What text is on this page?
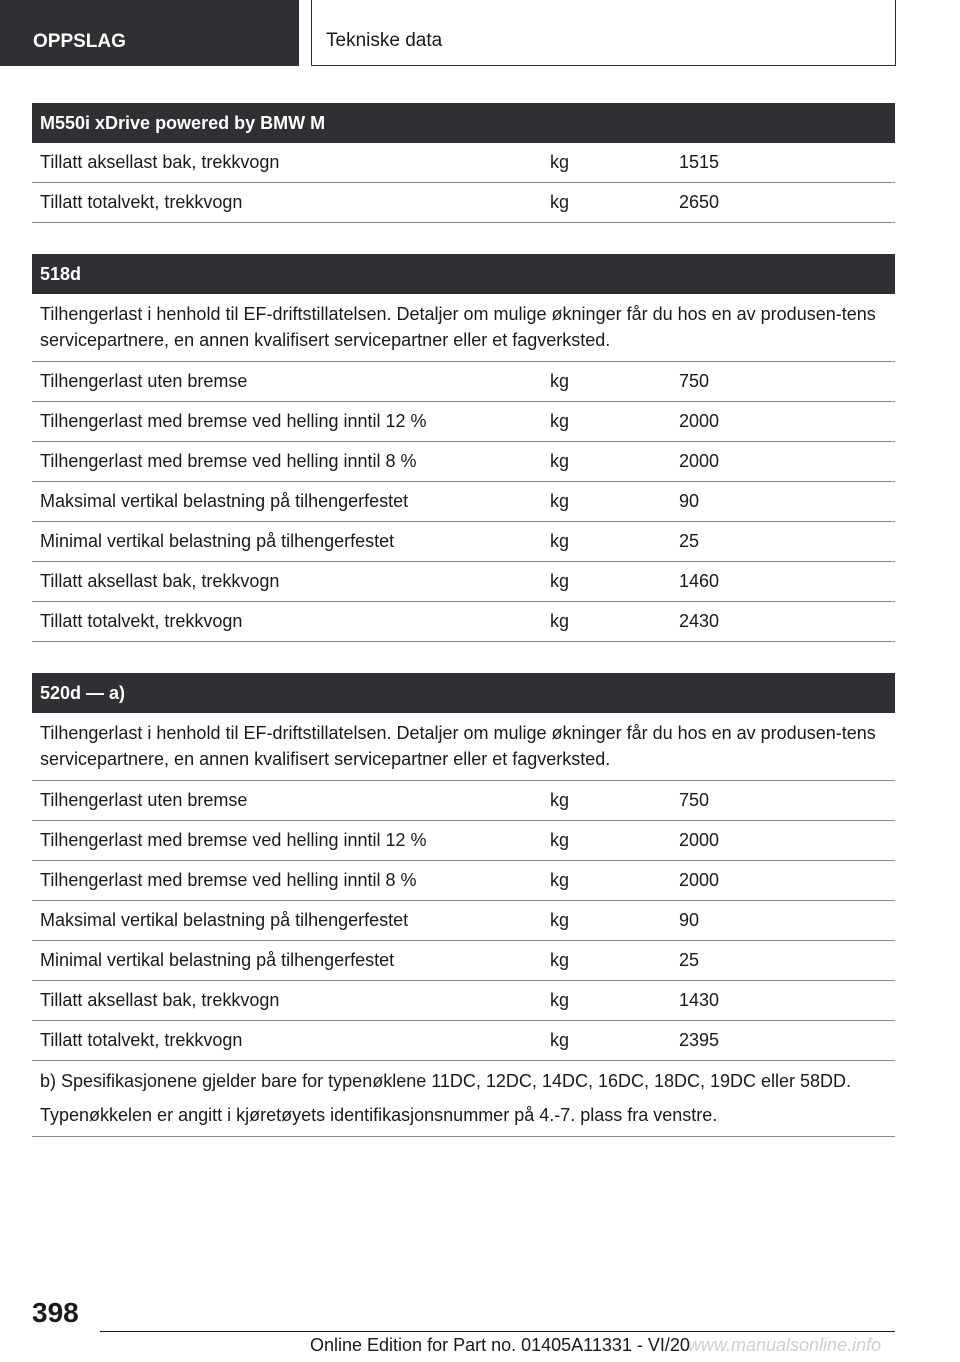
OPPSLAG	Tekniske data
M550i xDrive powered by BMW M
Tillatt aksellast bak, trekkvogn	kg	1515
Tillatt totalvekt, trekkvogn	kg	2650
518d
Tilhengerlast i henhold til EF-driftstillatelsen. Detaljer om mulige økninger får du hos en av produsen-tens servicepartnere, en annen kvalifisert servicepartner eller et fagverksted.
Tilhengerlast uten bremse	kg	750
Tilhengerlast med bremse ved helling inntil 12 %	kg	2000
Tilhengerlast med bremse ved helling inntil 8 %	kg	2000
Maksimal vertikal belastning på tilhengerfestet	kg	90
Minimal vertikal belastning på tilhengerfestet	kg	25
Tillatt aksellast bak, trekkvogn	kg	1460
Tillatt totalvekt, trekkvogn	kg	2430
520d — a)
Tilhengerlast i henhold til EF-driftstillatelsen. Detaljer om mulige økninger får du hos en av produsen-tens servicepartnere, en annen kvalifisert servicepartner eller et fagverksted.
Tilhengerlast uten bremse	kg	750
Tilhengerlast med bremse ved helling inntil 12 %	kg	2000
Tilhengerlast med bremse ved helling inntil 8 %	kg	2000
Maksimal vertikal belastning på tilhengerfestet	kg	90
Minimal vertikal belastning på tilhengerfestet	kg	25
Tillatt aksellast bak, trekkvogn	kg	1430
Tillatt totalvekt, trekkvogn	kg	2395
b) Spesifikasjonene gjelder bare for typenøklene 11DC, 12DC, 14DC, 16DC, 18DC, 19DC eller 58DD.
Typenøkkelen er angitt i kjøretøyets identifikasjonsnummer på 4.-7. plass fra venstre.
398
Online Edition for Part no. 01405A11331 - VI/20
www.manualsonline.info
